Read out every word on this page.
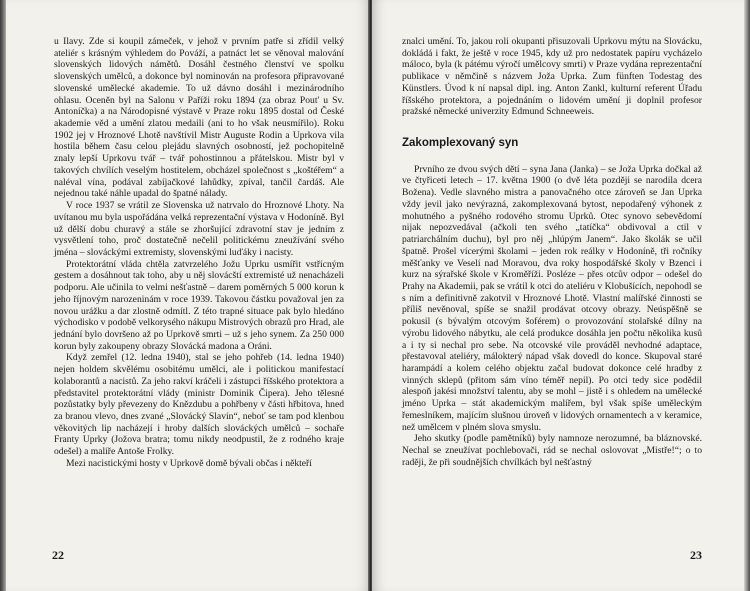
u Ilavy. Zde si koupil zámeček, v jehož v prvním patře si zřídil velký ateliér s krásným výhledem do Pováží, a patnáct let se věnoval malování slovenských lidových námětů. Dosáhl čestného členství ve spolku slovenských umělců, a dokonce byl nominován na profesora připravované slovenské umělecké akademie. To už dávno dosáhl i mezinárodního ohlasu. Oceněn byl na Salonu v Paříži roku 1894 (za obraz Pout' u Sv. Antoníčka) a na Národopisné výstavě v Praze roku 1895 dostal od České akademie věd a umění zlatou medaili (ani to ho však neusmířilo). Roku 1902 jej v Hroznové Lhotě navštívil Mistr Auguste Rodin a Uprkova vila hostila během času celou plejádu slavných osobností, jež pochopitelně znaly lepší Uprkovu tvář – tvář pohostinnou a přátelskou. Mistr byl v takových chvílích veselým hostitelem, obcházel společnost s „koštéřem“ a naléval vína, podával zabíjačkové lahůdky, zpíval, tančil čardáš. Ale nejednou také náhle upadal do špatné nálady.

V roce 1937 se vrátil ze Slovenska už natrvalo do Hroznové Lhoty. Na uvítanou mu byla uspořádána velká reprezentační výstava v Hodoníně. Byl už dělší dobu churavý a stále se zhoršující zdravotní stav je jedním z vysvětlení toho, proč dostatečně nečelil politickému zneužívání svého jména – slováckými extremisty, slovenskými luďáky i nacisty.

Protektorátní vláda chtěla zatvrzelého Jožu Uprku usmířit vstřícným gestem a dosáhnout tak toho, aby u něj slovácští extremisté už nenacházeli podporu. Ale učinila to velmi nešťastně – darem poměrných 5 000 korun k jeho říjnovým narozeninám v roce 1939. Takovou částku považoval jen za novou urážku a dar zlostně odmítl. Z této trapné situace pak bylo hledáno východisko v podobě velkorysého nákupu Mistrových obrazů pro Hrad, ale jednání bylo dovršeno až po Uprkově smrti – už s jeho synem. Za 250 000 korun byly zakoupeny obrazy Slovácká madona a Oráni.

Když zemřel (12. ledna 1940), stal se jeho pohřeb (14. ledna 1940) nejen holdem skvělému osobitému umělci, ale i politickou manifestací kolaborantů a nacistů. Za jeho rakví kráčeli i zástupci říšského protektora a představitel protektorátní vlády (ministr Dominik Čipera). Jeho tělesné pozůstatky byly převezeny do Knězdubu a pohřbeny v části hřbitova, hned za branou vlevo, dnes zvané „Slovácký Slavín“, neboť se tam pod klenbou věkovitých lip nacházejí i hroby dalších slováckých umělců – sochaře Franty Uprky (Jožova bratra; tomu nikdy neodpustil, že z rodného kraje odešel) a malíře Antoše Frolky.

Mezi nacistickými hosty v Uprkově domě bývali občas i někteří

22

znalci umění. To, jakou roli okupanti přisuzovali Uprkovu mýtu na Slovácku, dokládá i fakt, že ještě v roce 1945, kdy už pro nedostatek papíru vycházelo máloco, byla (k pátému výročí umělcovy smrti) v Praze vydána reprezentační publikace v němčině s názvem Joža Uprka. Zum fünften Todestag des Künstlers. Úvod k ní napsal dipl. ing. Anton Zankl, kulturní referent Úřadu říšského protektora, a pojednáním o lidovém umění ji doplnil profesor pražské německé univerzity Edmund Schneeweis.

Zakomplexovaný syn

Prvního ze dvou svých dětí – syna Jana (Janka) – se Joža Uprka dočkal až ve čtyřiceti letech – 17. května 1900 (o dvě léta později se narodila dcera Božena). Vedle slavného mistra a panovačného otce zároveň se Jan Uprka vždy jevil jako nevýrazná, zakomplexovaná bytost, nepodařený výhonek z mohutného a pyšného rodového stromu Uprků. Otec synovo sebevědomí nijak nepozvedával (ačkoli ten svého „tatíčka“ obdivoval a ctil v patriarchálním duchu), byl pro něj „hlúpým Janem“. Jako školák se učil špatně. Prošel vícerými školami – jeden rok reálky v Hodoníně, tři ročníky měšťanky ve Veselí nad Moravou, dva roky hospodářské školy v Bzenci i kurz na sýrařské škole v Kroměříži. Posléze – přes otcův odpor – odešel do Prahy na Akademii, pak se vrátil k otci do ateliéru v Klobušících, nepohodl se s ním a definitivně zakotvil v Hroznové Lhotě. Vlastní malířské činnosti se příliš nevěnoval, spíše se snažil prodávat otcovy obrazy. Neúspěšně se pokusil (s bývalým otcovým šoférem) o provozování stolařské dílny na výrobu lidového nábytku, ale celá produkce dosáhla jen počtu několika kusů a i ty si nechal pro sebe. Na otcovské vile prováděl nevhodné adaptace, přestavoval ateliéry, málokterý nápad však dovedl do konce. Skupoval staré harampádí a kolem celého objektu začal budovat dokonce celé hradby z vinných sklepů (přitom sám víno téměř nepil). Po otci tedy sice podědil alespoň jakési množství talentu, aby se mohl – jistě i s ohledem na umělecké jméno Uprka – stát akademickým malířem, byl však spíše uměleckým řemeslníkem, majícím slušnou úroveň v lidových ornamentech a v keramice, než umělcem v plném slova smyslu.

Jeho skutky (podle pamětníků) byly namnoze nerozumné, ba bláznovské. Nechal se zneužívat pochlebovači, rád se nechal oslovovat „Mistře!“; o to raději, že při soudnějších chvílkách byl nešťastný

23
